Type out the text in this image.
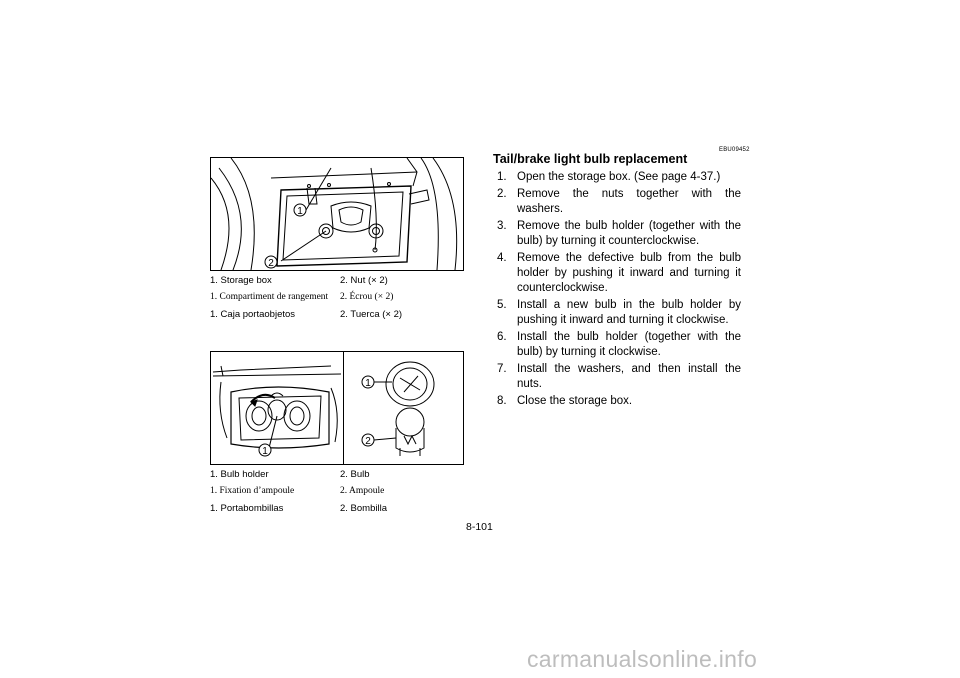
1
2
1. Storage box	2. Nut (× 2)
1. Compartiment de rangement	2. Écrou (× 2)
1. Caja portaobjetos	2. Tuerca (× 2)
1
1
2
1. Bulb holder	2. Bulb
1. Fixation d’ampoule	2. Ampoule
1. Portabombillas	2. Bombilla
EBU09452
Tail/brake light bulb replacement
1. Open the storage box. (See page 4-37.)
2. Remove the nuts together with the washers.
3. Remove the bulb holder (together with the bulb) by turning it counterclockwise.
4. Remove the defective bulb from the bulb holder by pushing it inward and turning it counterclockwise.
5. Install a new bulb in the bulb holder by pushing it inward and turning it clockwise.
6. Install the bulb holder (together with the bulb) by turning it clockwise.
7. Install the washers, and then install the nuts.
8. Close the storage box.
8-101
carmanualsonline.info
